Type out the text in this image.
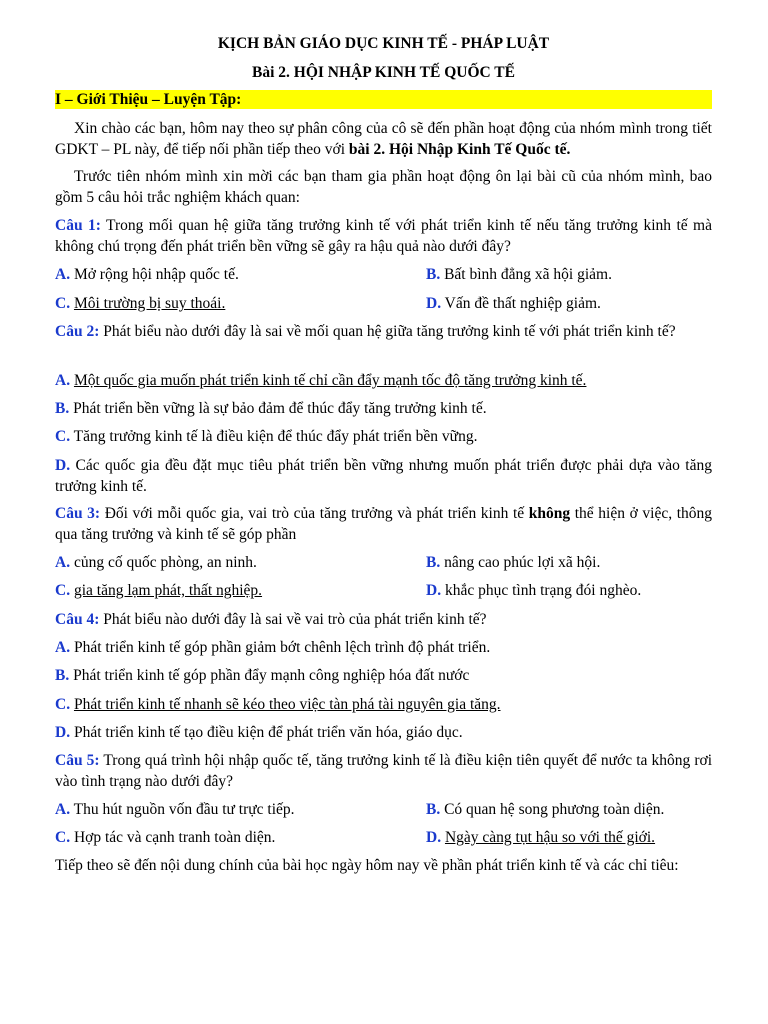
KỊCH BẢN GIÁO DỤC KINH TẾ - PHÁP LUẬT
Bài 2. HỘI NHẬP KINH TẾ QUỐC TẾ
I – Giới Thiệu – Luyện Tập:
Xin chào các bạn, hôm nay theo sự phân công của cô sẽ đến phần hoạt động của nhóm mình trong tiết GDKT – PL này, để tiếp nối phần tiếp theo với bài 2. Hội Nhập Kinh Tế Quốc tế.
Trước tiên nhóm mình xin mời các bạn tham gia phần hoạt động ôn lại bài cũ của nhóm mình, bao gồm 5 câu hỏi trắc nghiệm khách quan:
Câu 1: Trong mối quan hệ giữa tăng trưởng kinh tế với phát triển kinh tế nếu tăng trưởng kinh tế mà không chú trọng đến phát triển bền vững sẽ gây ra hậu quả nào dưới đây?
A. Mở rộng hội nhập quốc tế.	B. Bất bình đẳng xã hội giảm.
C. Môi trường bị suy thoái.	D. Vấn đề thất nghiệp giảm.
Câu 2: Phát biểu nào dưới đây là sai về mối quan hệ giữa tăng trưởng kinh tế với phát triển kinh tế?
A. Một quốc gia muốn phát triển kinh tế chỉ cần đẩy mạnh tốc độ tăng trưởng kinh tế.
B. Phát triển bền vững là sự bảo đảm để thúc đẩy tăng trưởng kinh tế.
C. Tăng trưởng kinh tế là điều kiện để thúc đẩy phát triển bền vững.
D. Các quốc gia đều đặt mục tiêu phát triển bền vững nhưng muốn phát triển được phải dựa vào tăng trưởng kinh tế.
Câu 3: Đối với mỗi quốc gia, vai trò của tăng trưởng và phát triển kinh tế không thể hiện ở việc, thông qua tăng trưởng và kinh tế sẽ góp phần
A. củng cố quốc phòng, an ninh.	B. nâng cao phúc lợi xã hội.
C. gia tăng lạm phát, thất nghiệp.	D. khắc phục tình trạng đói nghèo.
Câu 4: Phát biểu nào dưới đây là sai về vai trò của phát triển kinh tế?
A. Phát triển kinh tế góp phần giảm bớt chênh lệch trình độ phát triển.
B. Phát triển kinh tế góp phần đẩy mạnh công nghiệp hóa đất nước
C. Phát triển kinh tế nhanh sẽ kéo theo việc tàn phá tài nguyên gia tăng.
D. Phát triển kinh tế tạo điều kiện để phát triển văn hóa, giáo dục.
Câu 5: Trong quá trình hội nhập quốc tế, tăng trưởng kinh tế là điều kiện tiên quyết để nước ta không rơi vào tình trạng nào dưới đây?
A. Thu hút nguồn vốn đầu tư trực tiếp.	B. Có quan hệ song phương toàn diện.
C. Hợp tác và cạnh tranh toàn diện.	D. Ngày càng tụt hậu so với thế giới.
Tiếp theo sẽ đến nội dung chính của bài học ngày hôm nay về phần phát triển kinh tế và các chỉ tiêu:
